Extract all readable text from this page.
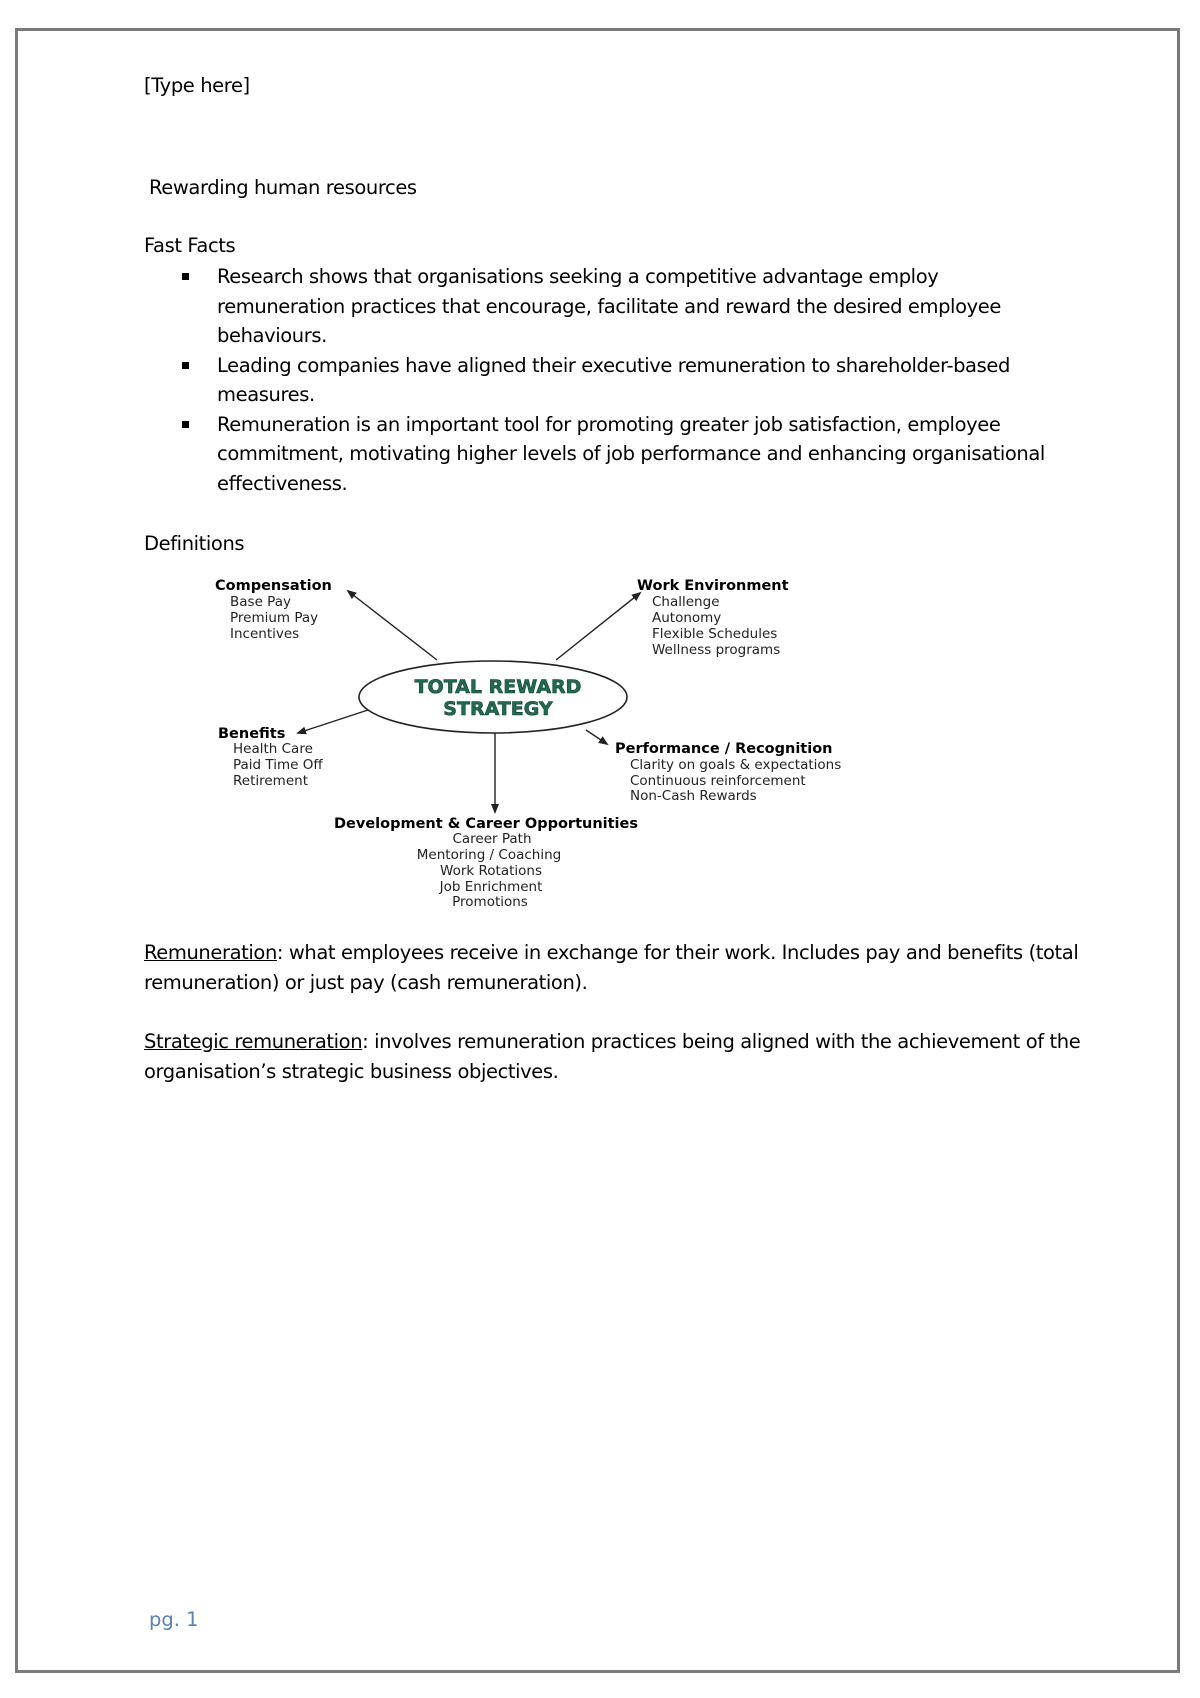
[Type here]
Rewarding human resources
Fast Facts
Research shows that organisations seeking a competitive advantage employ remuneration practices that encourage, facilitate and reward the desired employee behaviours.
Leading companies have aligned their executive remuneration to shareholder-based measures.
Remuneration is an important tool for promoting greater job satisfaction, employee commitment, motivating higher levels of job performance and enhancing organisational effectiveness.
Definitions
TOTAL REWARD
STRATEGY
Compensation
Base Pay
Premium Pay
Incentives
Work Environment
Challenge
Autonomy
Flexible Schedules
Wellness programs
Benefits
Health Care
Paid Time Off
Retirement
Performance / Recognition
Clarity on goals & expectations
Continuous reinforcement
Non-Cash Rewards
Development & Career Opportunities
Career Path
Mentoring / Coaching
Work Rotations
Job Enrichment
Promotions
Remuneration: what employees receive in exchange for their work. Includes pay and benefits (total remuneration) or just pay (cash remuneration).
Strategic remuneration: involves remuneration practices being aligned with the achievement of the organisation’s strategic business objectives.
pg. 1
